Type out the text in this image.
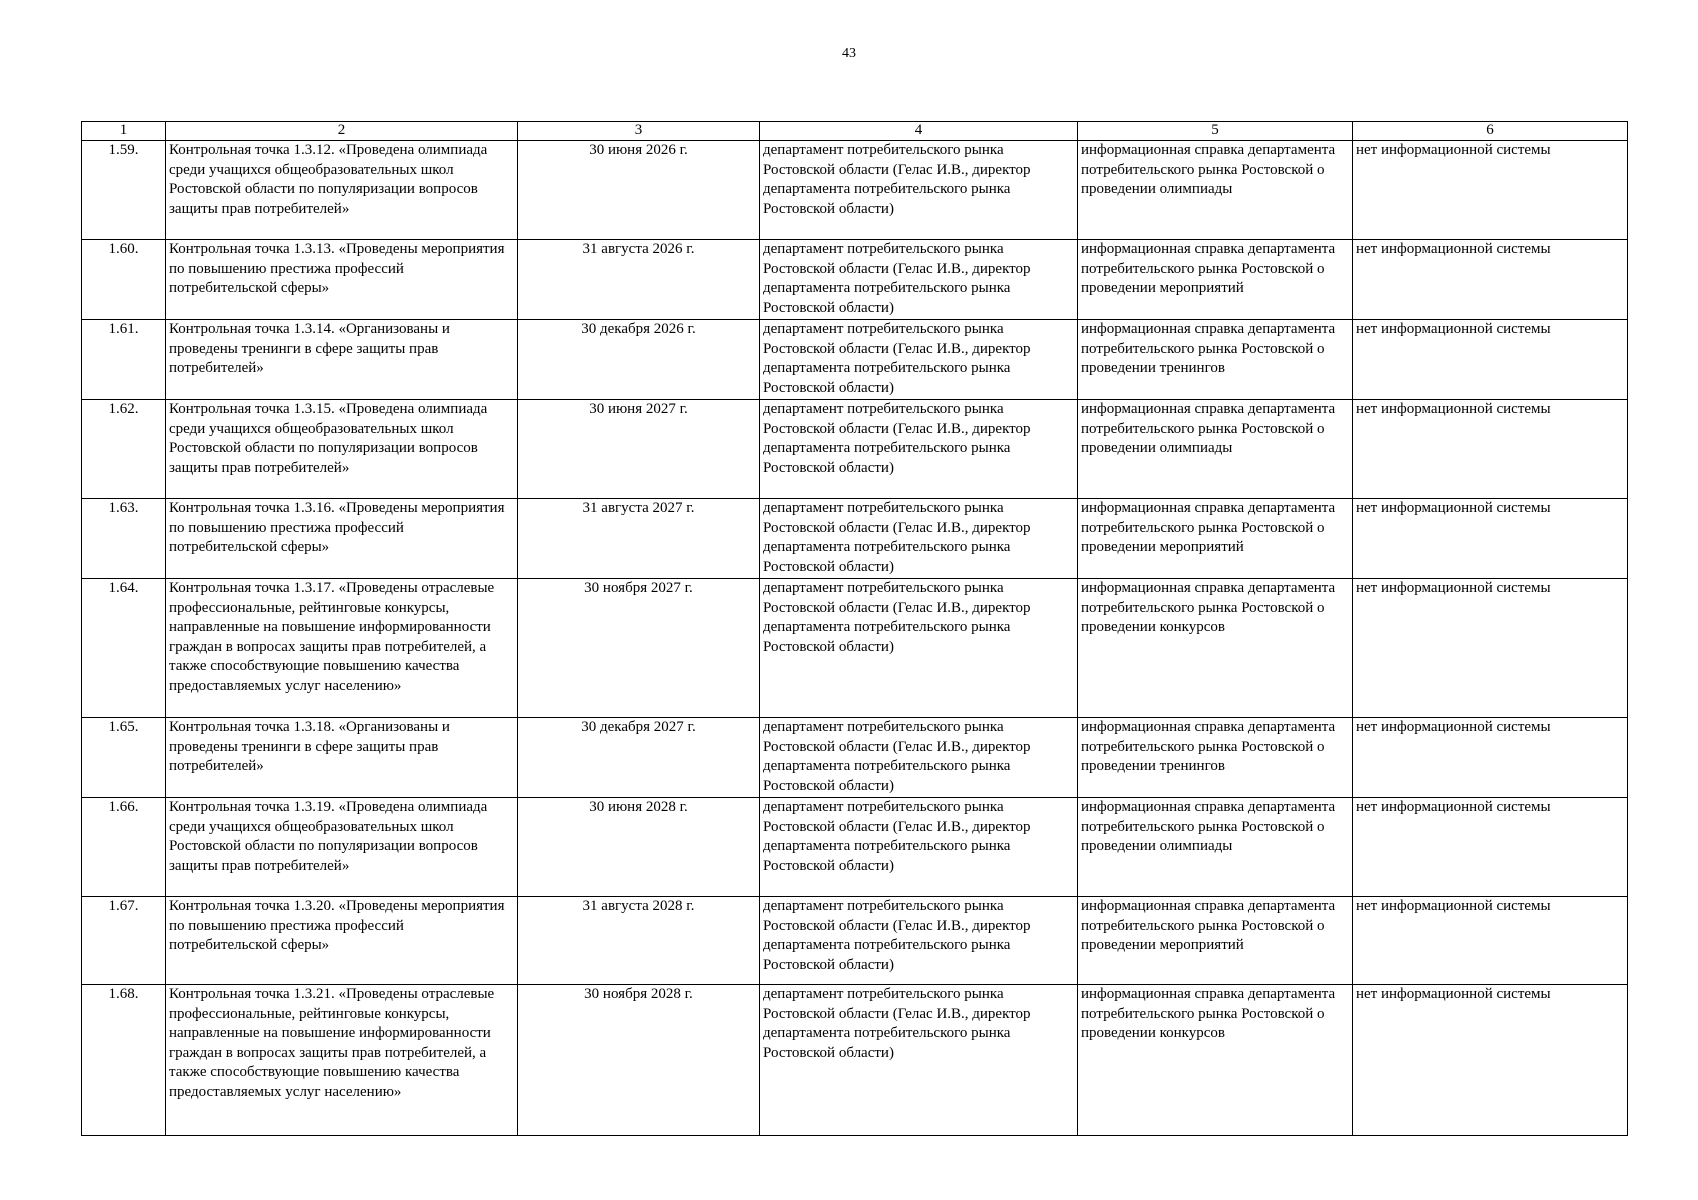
43
1	2	3	4	5	6
1.59.	Контрольная точка 1.3.12. «Проведена олимпиада среди учащихся общеобразовательных школ Ростовской области по популяризации вопросов защиты прав потребителей»	30 июня 2026 г.	департамент потребительского рынка Ростовской области (Гелас И.В., директор департамента потребительского рынка Ростовской области)	информационная справка департамента потребительского рынка Ростовской о проведении олимпиады	нет информационной системы
1.60.	Контрольная точка 1.3.13. «Проведены мероприятия по повышению престижа профессий потребительской сферы»	31 августа 2026 г.	департамент потребительского рынка Ростовской области (Гелас И.В., директор департамента потребительского рынка Ростовской области)	информационная справка департамента потребительского рынка Ростовской о проведении мероприятий	нет информационной системы
1.61.	Контрольная точка 1.3.14. «Организованы и проведены тренинги в сфере защиты прав потребителей»	30 декабря 2026 г.	департамент потребительского рынка Ростовской области (Гелас И.В., директор департамента потребительского рынка Ростовской области)	информационная справка департамента потребительского рынка Ростовской о проведении тренингов	нет информационной системы
1.62.	Контрольная точка 1.3.15. «Проведена олимпиада среди учащихся общеобразовательных школ Ростовской области по популяризации вопросов защиты прав потребителей»	30 июня 2027 г.	департамент потребительского рынка Ростовской области (Гелас И.В., директор департамента потребительского рынка Ростовской области)	информационная справка департамента потребительского рынка Ростовской о проведении олимпиады	нет информационной системы
1.63.	Контрольная точка 1.3.16. «Проведены мероприятия по повышению престижа профессий потребительской сферы»	31 августа 2027 г.	департамент потребительского рынка Ростовской области (Гелас И.В., директор департамента потребительского рынка Ростовской области)	информационная справка департамента потребительского рынка Ростовской о проведении мероприятий	нет информационной системы
1.64.	Контрольная точка 1.3.17. «Проведены отраслевые профессиональные, рейтинговые конкурсы, направленные на повышение информированности граждан в вопросах защиты прав потребителей, а также способствующие повышению качества предоставляемых услуг населению»	30 ноября 2027 г.	департамент потребительского рынка Ростовской области (Гелас И.В., директор департамента потребительского рынка Ростовской области)	информационная справка департамента потребительского рынка Ростовской о проведении конкурсов	нет информационной системы
1.65.	Контрольная точка 1.3.18. «Организованы и проведены тренинги в сфере защиты прав потребителей»	30 декабря 2027 г.	департамент потребительского рынка Ростовской области (Гелас И.В., директор департамента потребительского рынка Ростовской области)	информационная справка департамента потребительского рынка Ростовской о проведении тренингов	нет информационной системы
1.66.	Контрольная точка 1.3.19. «Проведена олимпиада среди учащихся общеобразовательных школ Ростовской области по популяризации вопросов защиты прав потребителей»	30 июня 2028 г.	департамент потребительского рынка Ростовской области (Гелас И.В., директор департамента потребительского рынка Ростовской области)	информационная справка департамента потребительского рынка Ростовской о проведении олимпиады	нет информационной системы
1.67.	Контрольная точка 1.3.20. «Проведены мероприятия по повышению престижа профессий потребительской сферы»	31 августа 2028 г.	департамент потребительского рынка Ростовской области (Гелас И.В., директор департамента потребительского рынка Ростовской области)	информационная справка департамента потребительского рынка Ростовской о проведении мероприятий	нет информационной системы
1.68.	Контрольная точка 1.3.21. «Проведены отраслевые профессиональные, рейтинговые конкурсы, направленные на повышение информированности граждан в вопросах защиты прав потребителей, а также способствующие повышению качества предоставляемых услуг населению»	30 ноября 2028 г.	департамент потребительского рынка Ростовской области (Гелас И.В., директор департамента потребительского рынка Ростовской области)	информационная справка департамента потребительского рынка Ростовской о проведении конкурсов	нет информационной системы
